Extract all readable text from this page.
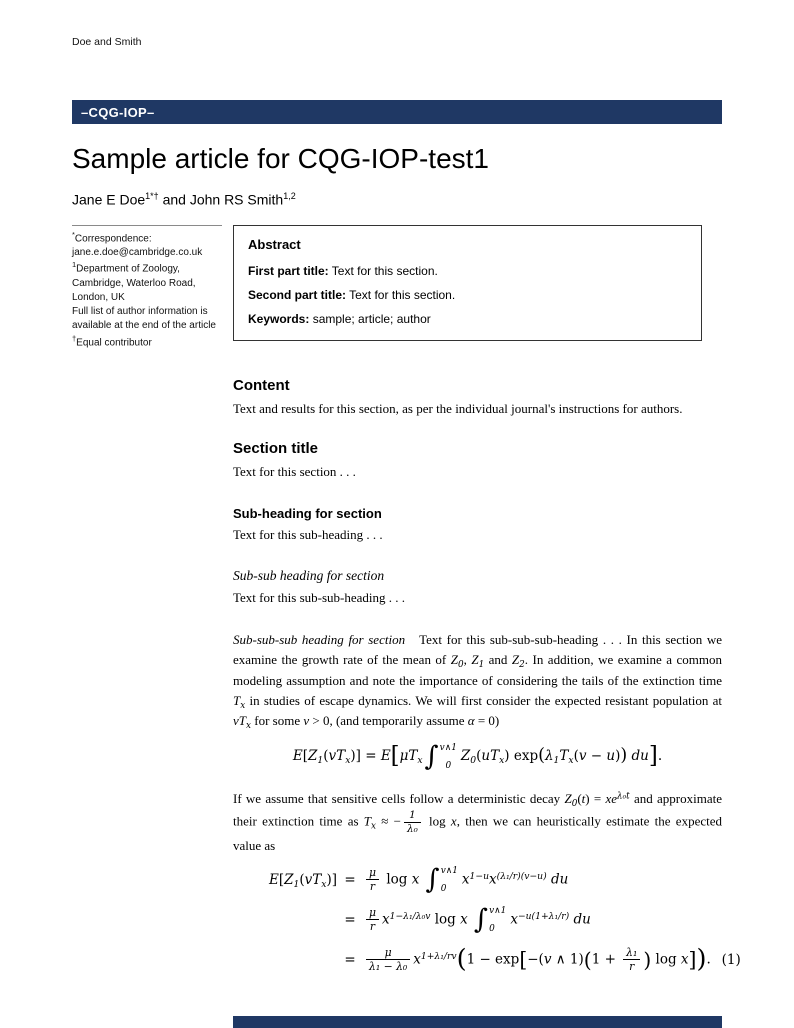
Doe and Smith
–CQG-IOP–
Sample article for CQG-IOP-test1
Jane E Doe$^{1*\dagger}$ and John RS Smith$^{1,2}$

*Correspondence:
jane.e.doe@cambridge.co.uk
$^1$Department of Zoology, Cambridge, Waterloo Road, London, UK
Full list of author information is available at the end of the article
†Equal contributor

Abstract

First part title: Text for this section.

Second part title: Text for this section.

Keywords: sample; article; author

Content

Text and results for this section, as per the individual journal's instructions for authors.

Section title

Text for this section . . .

Sub-heading for section

Text for this sub-heading . . .

Sub-sub heading for section

Text for this sub-sub-heading . . .

Sub-sub-sub heading for section Text for this sub-sub-sub-heading . . . In this section we examine the growth rate of the mean of $Z_0$, $Z_1$ and $Z_2$. In addition, we examine a common modeling assumption and note the importance of considering the tails of the extinction time $T_x$ in studies of escape dynamics. We will first consider the expected resistant population at $vT_x$ for some v > 0, (and temporarily assume α = 0)

$E[Z_1(vT_x)] = E[\mu T_x$ ∫ v∧1
0
$Z_0(uT_x) \exp(\lambda_1T_x(v - u))$ du].

If we assume that sensitive cells follow a deterministic decay $Z_0(t) = xe^{\lambda_0t}$ and approximate their extinction time as $T_x$ ≈ − $\frac{1}{\text{λ₀}}$ log x, then we can heuristically estimate the expected value as

$E[Z_1(vT_x)] = \frac{\mu}{r}$ log x ∫ v∧1
0
$x^{1-u}x^{(\lambda_1/r)(v-u)}$ du
= $\frac{\mu}{r} x^{1-\lambda_1/\lambda_0v}$ log x ∫ v∧1
0
$x^{-u(1+\lambda_1/r)}$ du
= $\frac{\mu}{\text{λ₁ − λ₀}} x^{1+\lambda_1/rv}(1 - \exp[-(v$ ∧ $1)(1 + \frac{\text{λ₁}}{r}$ ) log x]). (1)
